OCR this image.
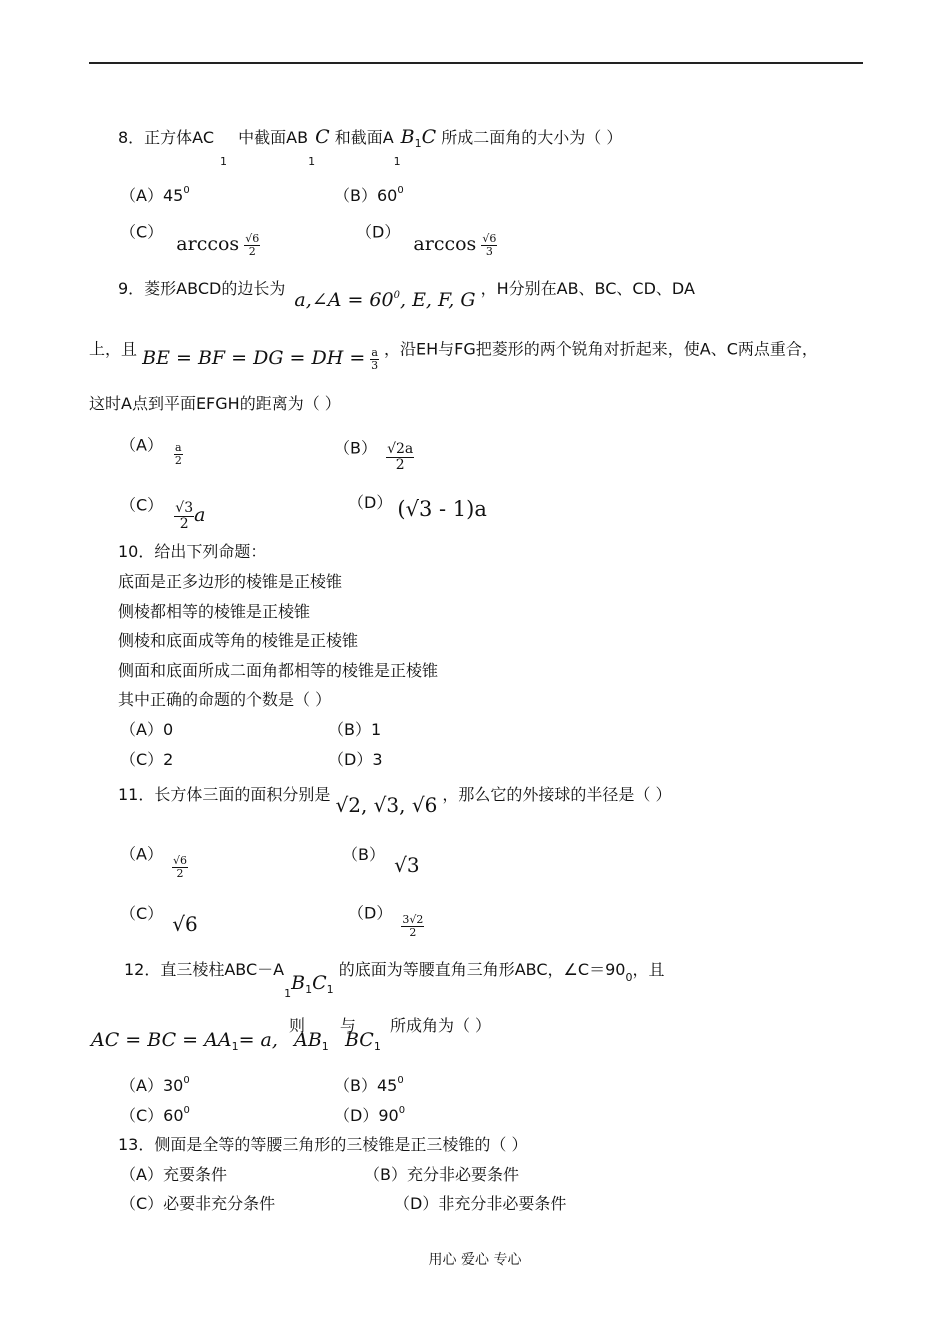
8．正方体$AC_1$ 中截面$AB_1C$ 和截面$A_1B_1C$ 所成二面角的大小为（ ）
$(A)45^0$	$(B)60^0$
（C） $\arccos \frac{√6}{2}$
（D） $\arccos \frac{√6}{3}$
9．菱形ABCD的边长为 a,∠A = $60^0$, E, F, G ，H分别在AB、BC、CD、DA
上，且 BE = BF = DG = DH = $\frac{a}{3}$ ，沿EH与FG把菱形的两个锐角对折起来，使A、C两点重合，
这时A点到平面EFGH的距离为（ ）
$(A) \frac{a}{2}$	$(B) \frac{√2a}{2}$
$(C) \frac{√3}{2}$ a
（D） (√3 - 1)a
10．给出下列命题：
底面是正多边形的棱锥是正棱锥
侧棱都相等的棱锥是正棱锥
侧棱和底面成等角的棱锥是正棱锥
侧面和底面所成二面角都相等的棱锥是正棱锥
其中正确的命题的个数是（ ）
（A）0	（B）1
（C）2	（D）3
11．长方体三面的面积分别是 √2, √3, √6 ，那么它的外接球的半径是（ ）
（A）
$\frac{√6}{2}$
（B） √3
（C） √6	（D）
$\frac{3√2}{2}$
12．直三棱柱$ABC-A_1B_1C_1$ 的底面为等腰直角三角形ABC，$\angle C=90_0$，且
AC = BC = $AA_1= a$, 则 $AB_1$ 与 $BC_1$ 所成角为（ ）
$(A)30^0$	$(B)45^0$
$(C)60^0$	$(D)90^0$
13．侧面是全等的等腰三角形的三棱锥是正三棱锥的（ ）
（A）充要条件	（B）充分非必要条件
（C）必要非充分条件	（D）非充分非必要条件
用心 爱心 专心
